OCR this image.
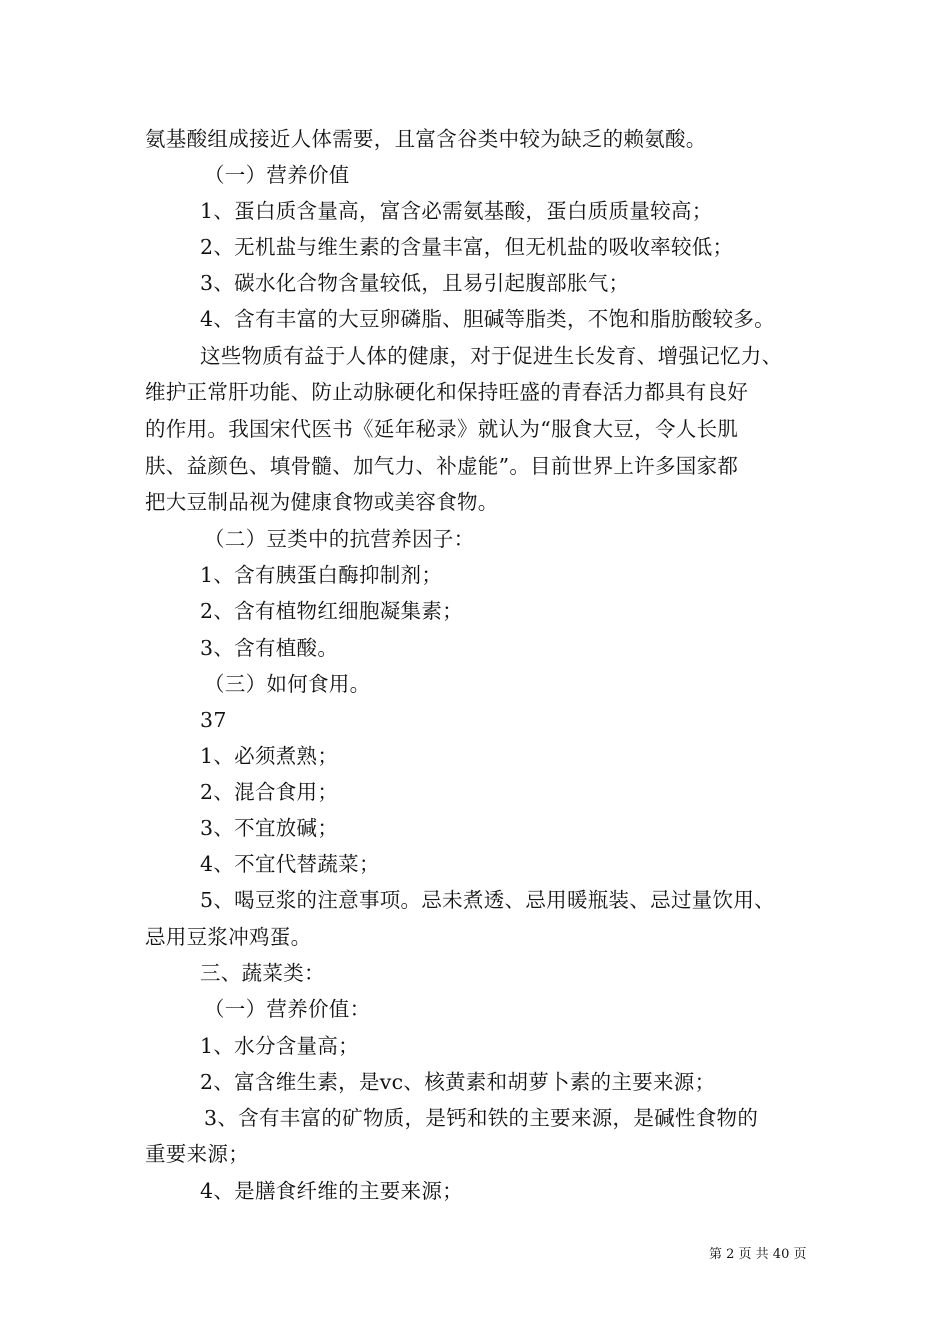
氨基酸组成接近人体需要，且富含谷类中较为缺乏的赖氨酸。
（一）营养价值
1、蛋白质含量高，富含必需氨基酸，蛋白质质量较高；
2、无机盐与维生素的含量丰富，但无机盐的吸收率较低；
3、碳水化合物含量较低，且易引起腹部胀气；
4、含有丰富的大豆卵磷脂、胆碱等脂类，不饱和脂肪酸较多。
这些物质有益于人体的健康，对于促进生长发育、增强记忆力、
维护正常肝功能、防止动脉硬化和保持旺盛的青春活力都具有良好
的作用。我国宋代医书《延年秘录》就认为“服食大豆，令人长肌
肤、益颜色、填骨髓、加气力、补虚能”。目前世界上许多国家都
把大豆制品视为健康食物或美容食物。
（二）豆类中的抗营养因子：
1、含有胰蛋白酶抑制剂；
2、含有植物红细胞凝集素；
3、含有植酸。
（三）如何食用。
37
1、必须煮熟；
2、混合食用；
3、不宜放碱；
4、不宜代替蔬菜；
5、喝豆浆的注意事项。忌未煮透、忌用暖瓶装、忌过量饮用、
忌用豆浆冲鸡蛋。
三、蔬菜类：
（一）营养价值：
1、水分含量高；
2、富含维生素，是vc、核黄素和胡萝卜素的主要来源；
3、含有丰富的矿物质，是钙和铁的主要来源，是碱性食物的
重要来源；
4、是膳食纤维的主要来源；
第 2 页 共 40 页
